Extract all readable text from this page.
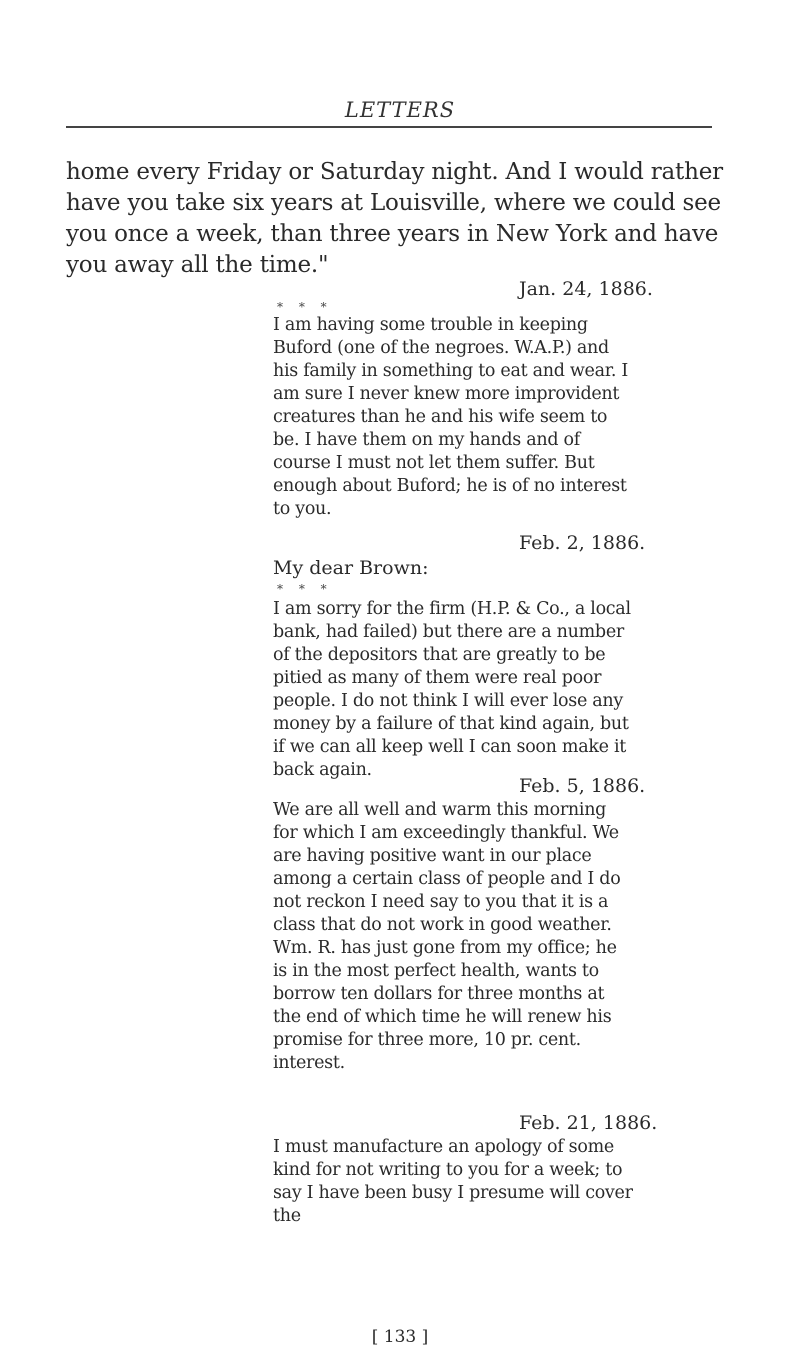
LETTERS

home every Friday or Saturday night. And I would rather have you take six years at Louisville, where we could see you once a week, than three years in New York and have you away all the time."

Jan. 24, 1886.
* * *

I am having some trouble in keeping Buford (one of the negroes. W.A.P.) and his family in something to eat and wear. I am sure I never knew more improvident creatures than he and his wife seem to be. I have them on my hands and of course I must not let them suffer. But enough about Buford; he is of no interest to you.

Feb. 2, 1886.
My dear Brown:
* * *

I am sorry for the firm (H.P. & Co., a local bank, had failed) but there are a number of the depositors that are greatly to be pitied as many of them were real poor people. I do not think I will ever lose any money by a failure of that kind again, but if we can all keep well I can soon make it back again.

Feb. 5, 1886.

We are all well and warm this morning for which I am exceedingly thankful. We are having positive want in our place among a certain class of people and I do not reckon I need say to you that it is a class that do not work in good weather. Wm. R. has just gone from my office; he is in the most perfect health, wants to borrow ten dollars for three months at the end of which time he will renew his promise for three more, 10 pr. cent. interest.

Feb. 21, 1886.

I must manufacture an apology of some kind for not writing to you for a week; to say I have been busy I presume will cover the

[ 133 ]
